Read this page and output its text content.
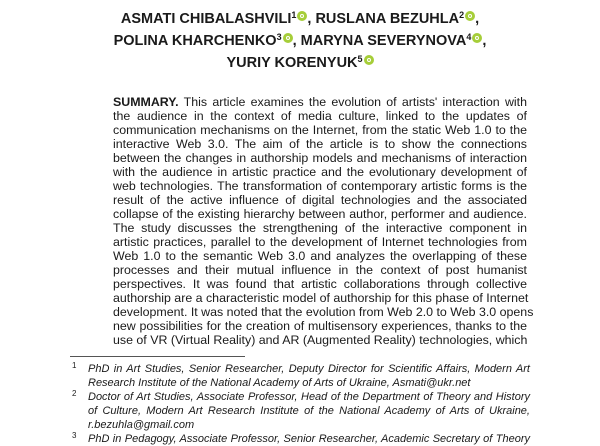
ASMATI CHIBALASHVILI$^1$ , RUSLANA BEZUHLA$^2$ ,
POLINA KHARCHENKO$^3$ , MARYNA SEVERYNOVA$^4$ ,
YURIY KORENYUK$^5$
SUMMARY. This article examines the evolution of artists' interaction with
the audience in the context of media culture, linked to the updates of
communication mechanisms on the Internet, from the static Web 1.0 to the
interactive Web 3.0. The aim of the article is to show the connections
between the changes in authorship models and mechanisms of interaction
with the audience in artistic practice and the evolutionary development of
web technologies. The transformation of contemporary artistic forms is the
result of the active influence of digital technologies and the associated
collapse of the existing hierarchy between author, performer and audience.
The study discusses the strengthening of the interactive component in
artistic practices, parallel to the development of Internet technologies from
Web 1.0 to the semantic Web 3.0 and analyzes the overlapping of these
processes and their mutual influence in the context of post humanist
perspectives. It was found that artistic collaborations through collective
authorship are a characteristic model of authorship for this phase of Internet
development. It was noted that the evolution from Web 2.0 to Web 3.0 opens
new possibilities for the creation of multisensory experiences, thanks to the
use of VR (Virtual Reality) and AR (Augmented Reality) technologies, which
1 PhD in Art Studies, Senior Researcher, Deputy Director for Scientific Affairs, Modern Art
Research Institute of the National Academy of Arts of Ukraine, Asmati@ukr.net
2 Doctor of Art Studies, Associate Professor, Head of the Department of Theory and History
of Culture, Modern Art Research Institute of the National Academy of Arts of Ukraine,
r.bezuhla@gmail.com
3 PhD in Pedagogy, Associate Professor, Senior Researcher, Academic Secretary of Theory
